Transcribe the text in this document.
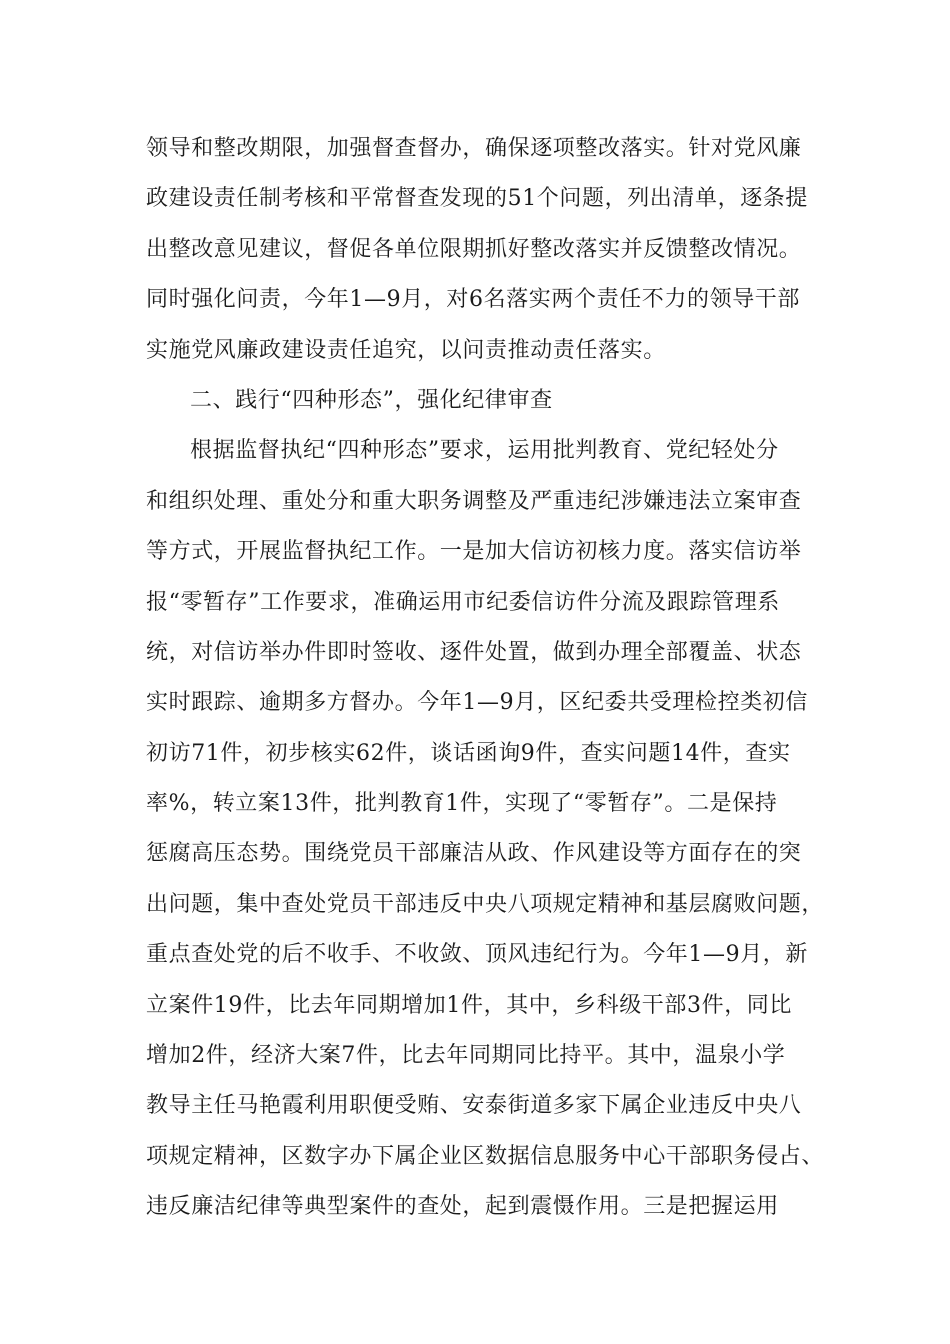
领导和整改期限，加强督查督办，确保逐项整改落实。针对党风廉
政建设责任制考核和平常督查发现的51个问题，列出清单，逐条提
出整改意见建议，督促各单位限期抓好整改落实并反馈整改情况。
同时强化问责，今年1—9月，对6名落实两个责任不力的领导干部
实施党风廉政建设责任追究，以问责推动责任落实。
二、践行“四种形态”，强化纪律审查
根据监督执纪“四种形态”要求，运用批判教育、党纪轻处分
和组织处理、重处分和重大职务调整及严重违纪涉嫌违法立案审查
等方式，开展监督执纪工作。一是加大信访初核力度。落实信访举
报“零暂存”工作要求，准确运用市纪委信访件分流及跟踪管理系
统，对信访举办件即时签收、逐件处置，做到办理全部覆盖、状态
实时跟踪、逾期多方督办。今年1—9月，区纪委共受理检控类初信
初访71件，初步核实62件，谈话函询9件，查实问题14件，查实
率%，转立案13件，批判教育1件，实现了“零暂存”。二是保持
惩腐高压态势。围绕党员干部廉洁从政、作风建设等方面存在的突
出问题，集中查处党员干部违反中央八项规定精神和基层腐败问题，
重点查处党的后不收手、不收敛、顶风违纪行为。今年1—9月，新
立案件19件，比去年同期增加1件，其中，乡科级干部3件，同比
增加2件，经济大案7件，比去年同期同比持平。其中，温泉小学
教导主任马艳霞利用职便受贿、安泰街道多家下属企业违反中央八
项规定精神，区数字办下属企业区数据信息服务中心干部职务侵占、
违反廉洁纪律等典型案件的查处，起到震慑作用。三是把握运用
